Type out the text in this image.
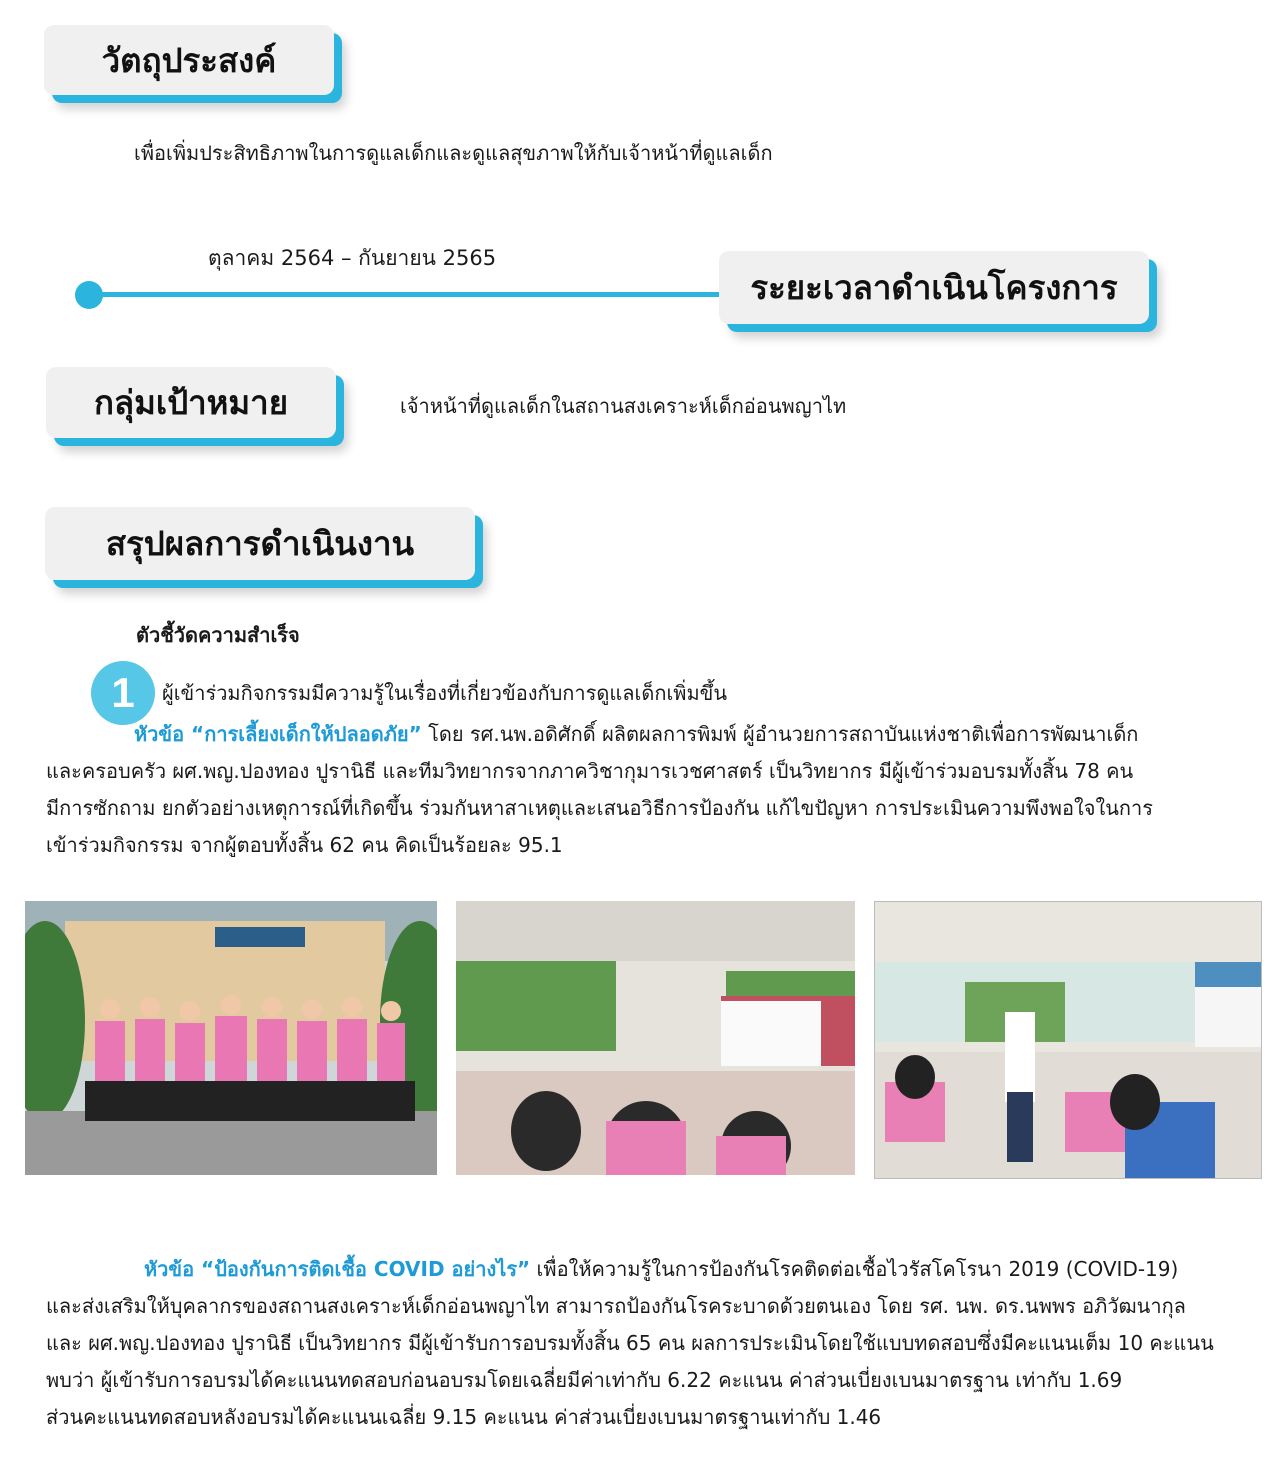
วัตถุประสงค์
เพื่อเพิ่มประสิทธิภาพในการดูแลเด็กและดูแลสุขภาพให้กับเจ้าหน้าที่ดูแลเด็ก
ตุลาคม 2564 – กันยายน 2565
ระยะเวลาดำเนินโครงการ
กลุ่มเป้าหมาย	เจ้าหน้าที่ดูแลเด็กในสถานสงเคราะห์เด็กอ่อนพญาไท
สรุปผลการดำเนินงาน
ตัวชี้วัดความสำเร็จ
1 ผู้เข้าร่วมกิจกรรมมีความรู้ในเรื่องที่เกี่ยวข้องกับการดูแลเด็กเพิ่มขึ้น
หัวข้อ “การเลี้ยงเด็กให้ปลอดภัย” โดย รศ.นพ.อดิศักดิ์ ผลิตผลการพิมพ์ ผู้อำนวยการสถาบันแห่งชาติเพื่อการพัฒนาเด็ก
และครอบครัว ผศ.พญ.ปองทอง ปูรานิธี และทีมวิทยากรจากภาควิชากุมารเวชศาสตร์ เป็นวิทยากร มีผู้เข้าร่วมอบรมทั้งสิ้น 78 คน
มีการซักถาม ยกตัวอย่างเหตุการณ์ที่เกิดขึ้น ร่วมกันหาสาเหตุและเสนอวิธีการป้องกัน แก้ไขปัญหา การประเมินความพึงพอใจในการ
เข้าร่วมกิจกรรม จากผู้ตอบทั้งสิ้น 62 คน คิดเป็นร้อยละ 95.1
หัวข้อ “ป้องกันการติดเชื้อ COVID อย่างไร” เพื่อให้ความรู้ในการป้องกันโรคติดต่อเชื้อไวรัสโคโรนา 2019 (COVID-19)
และส่งเสริมให้บุคลากรของสถานสงเคราะห์เด็กอ่อนพญาไท สามารถป้องกันโรคระบาดด้วยตนเอง โดย รศ. นพ. ดร.นพพร อภิวัฒนากุล
และ ผศ.พญ.ปองทอง ปูรานิธี เป็นวิทยากร มีผู้เข้ารับการอบรมทั้งสิ้น 65 คน ผลการประเมินโดยใช้แบบทดสอบซึ่งมีคะแนนเต็ม 10 คะแนน
พบว่า ผู้เข้ารับการอบรมได้คะแนนทดสอบก่อนอบรมโดยเฉลี่ยมีค่าเท่ากับ 6.22 คะแนน ค่าส่วนเบี่ยงเบนมาตรฐาน เท่ากับ 1.69
ส่วนคะแนนทดสอบหลังอบรมได้คะแนนเฉลี่ย 9.15 คะแนน ค่าส่วนเบี่ยงเบนมาตรฐานเท่ากับ 1.46
